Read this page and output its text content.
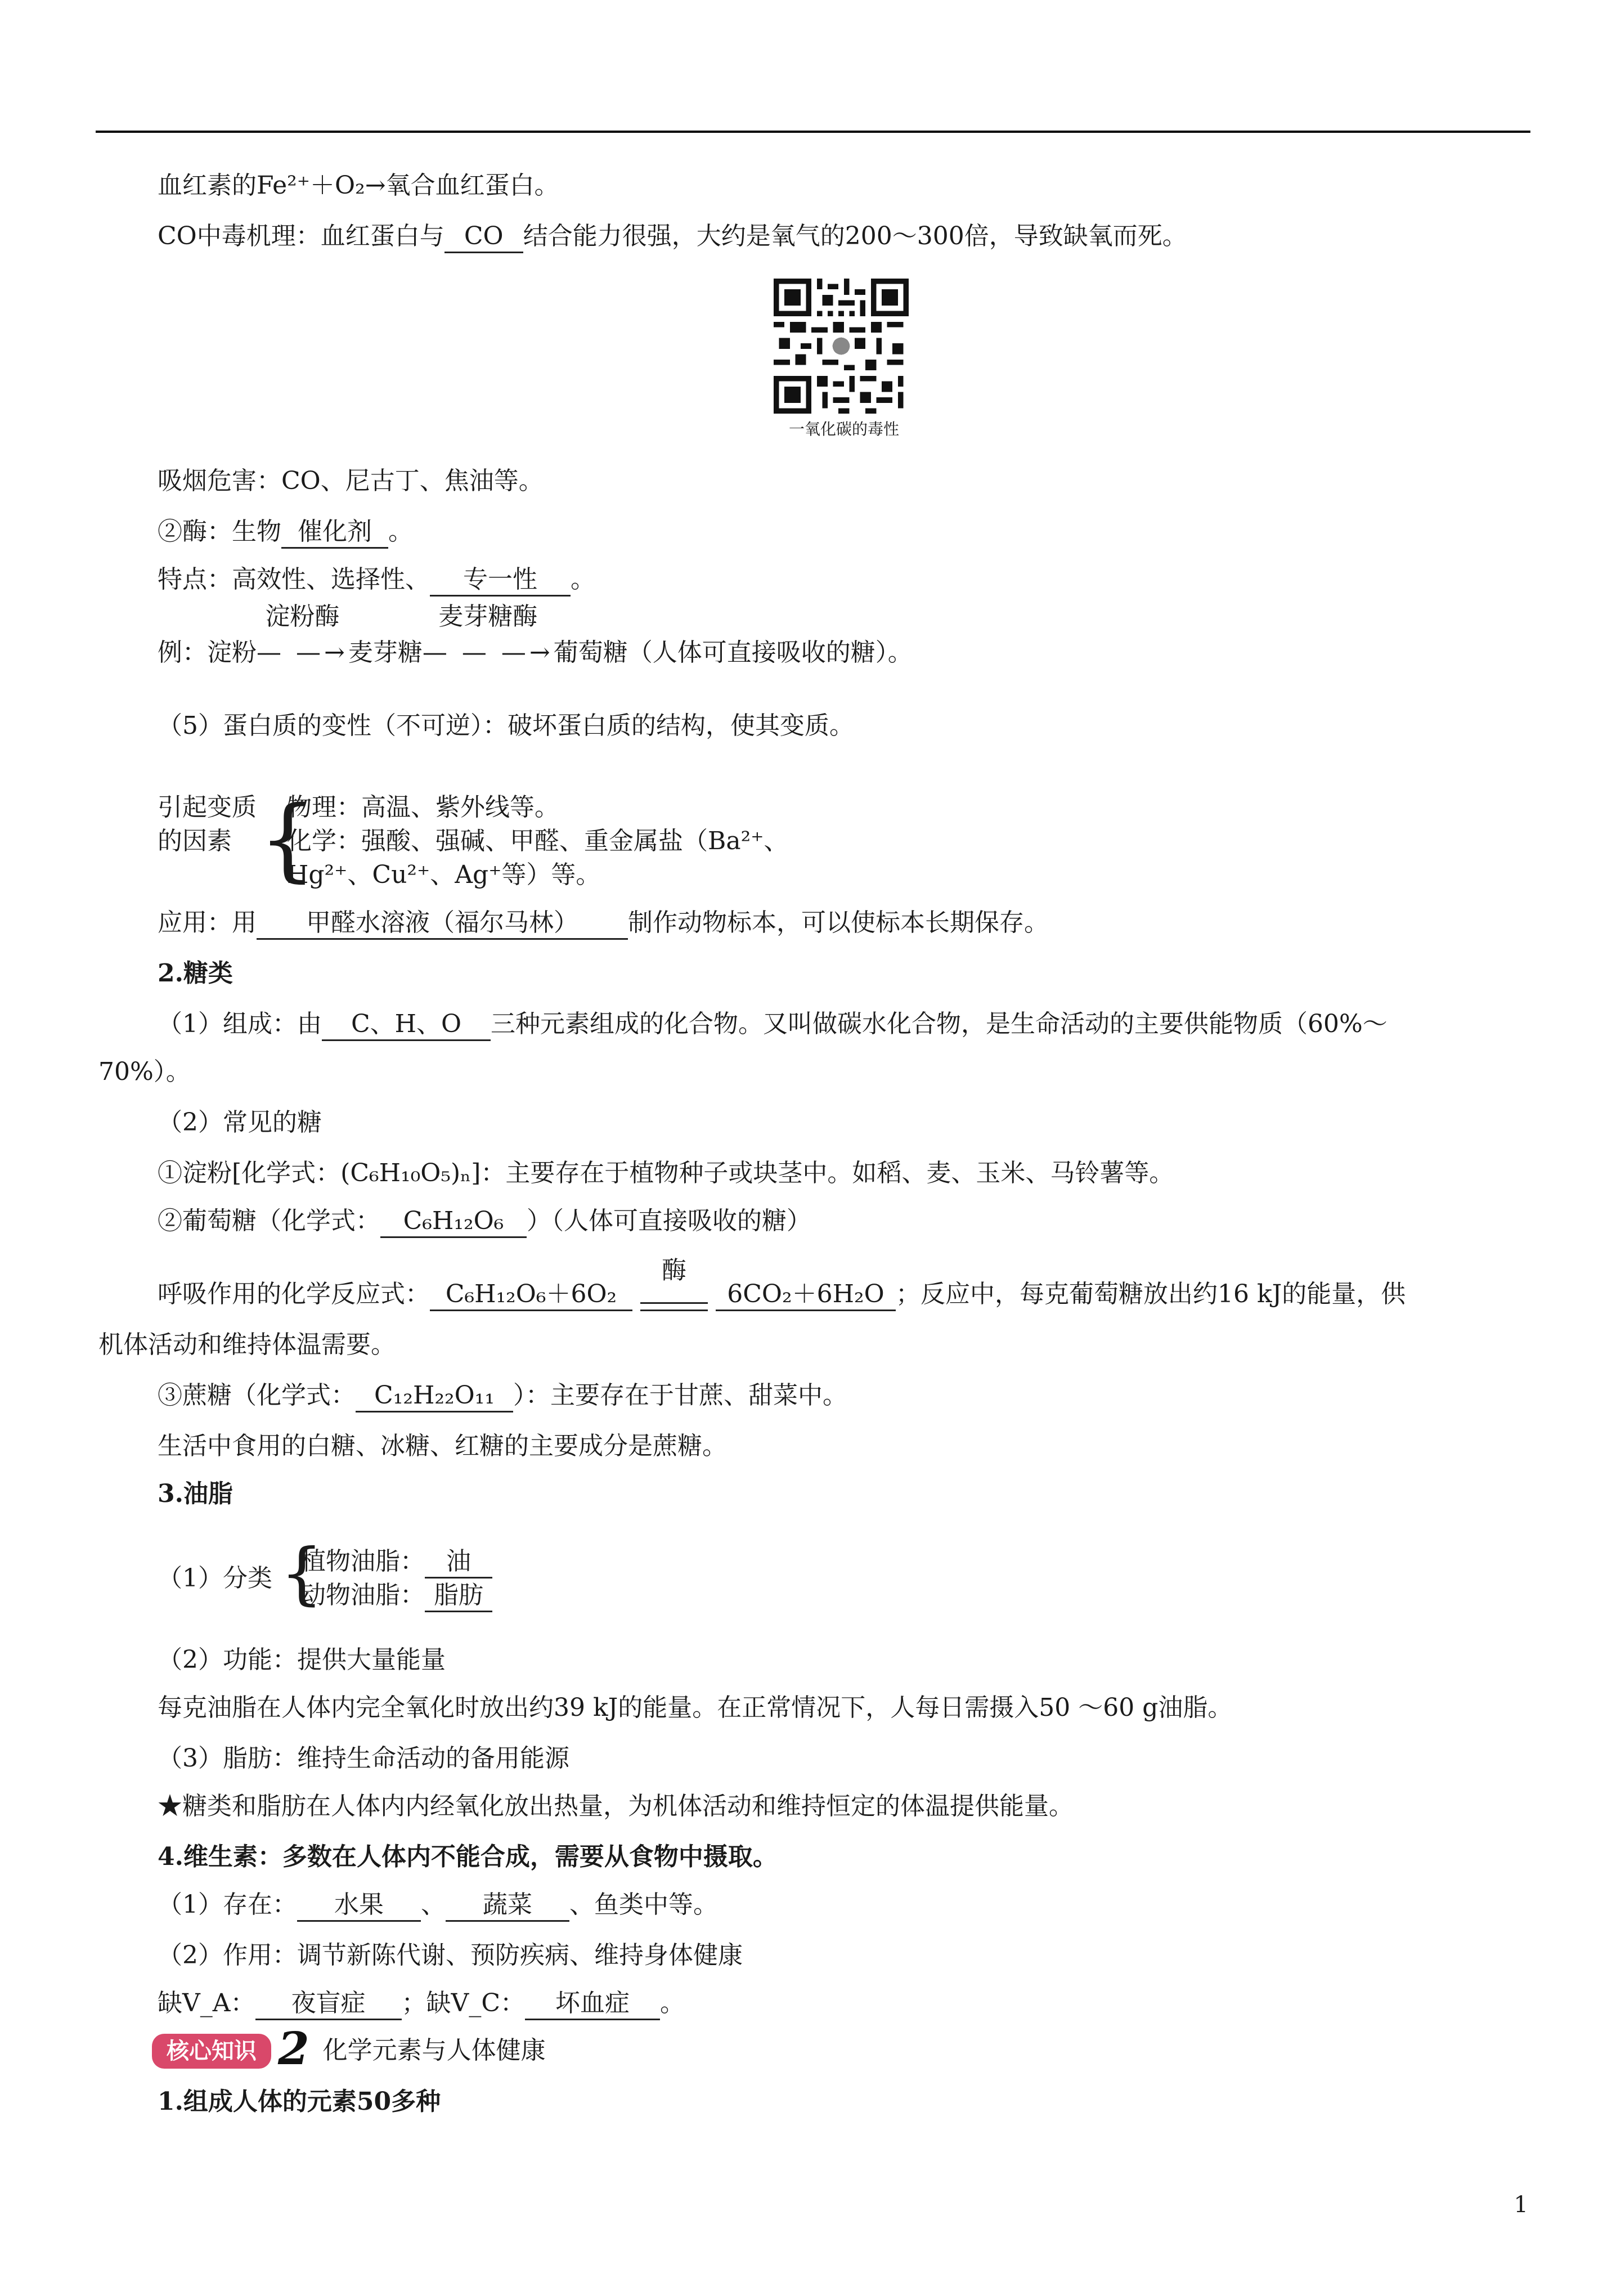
血红素的Fe²⁺＋O₂→氧合血红蛋白。
CO中毒机理：血红蛋白与 CO 结合能力很强，大约是氧气的200～300倍，导致缺氧而死。
一氧化碳的毒性
吸烟危害：CO、尼古丁、焦油等。
②酶：生物 催化剂 。
特点：高效性、选择性、 专一性 。
例：淀粉
淀粉酶
— —→麦芽糖
麦芽糖酶
— — —→葡萄糖（人体可直接吸收的糖）。
（5）蛋白质的变性（不可逆）：破坏蛋白质的结构，使其变质。
引起变质的因素 {
物理：高温、紫外线等。
化学：强酸、强碱、甲醛、重金属盐（Ba²⁺、
Hg²⁺、Cu²⁺、Ag⁺等）等。
应用：用 甲醛水溶液（福尔马林） 制作动物标本，可以使标本长期保存。
2.糖类
（1）组成：由 C、H、O 三种元素组成的化合物。又叫做碳水化合物，是生命活动的主要供能物质（60%～
70%）。
（2）常见的糖
①淀粉[化学式：(C₆H₁₀O₅)ₙ]：主要存在于植物种子或块茎中。如稻、麦、玉米、马铃薯等。
②葡萄糖（化学式： C₆H₁₂O₆ ）（人体可直接吸收的糖）
呼吸作用的化学反应式： C₆H₁₂O₆＋6O₂
酶
6CO₂＋6H₂O ；反应中，每克葡萄糖放出约16 kJ的能量，供
机体活动和维持体温需要。
③蔗糖（化学式： C₁₂H₂₂O₁₁ ）：主要存在于甘蔗、甜菜中。
生活中食用的白糖、冰糖、红糖的主要成分是蔗糖。
3.油脂
（1）分类 {
植物油脂： 油
动物油脂： 脂肪
（2）功能：提供大量能量
每克油脂在人体内完全氧化时放出约39 kJ的能量。在正常情况下，人每日需摄入50 ～60 g油脂。
（3）脂肪：维持生命活动的备用能源
★糖类和脂肪在人体内内经氧化放出热量，为机体活动和维持恒定的体温提供能量。
4.维生素：多数在人体内不能合成，需要从食物中摄取。
（1）存在： 水果 、 蔬菜 、鱼类中等。
（2）作用：调节新陈代谢、预防疾病、维持身体健康
缺V_A： 夜盲症 ；缺V_C： 坏血症 。
核心知识 2 化学元素与人体健康
1.组成人体的元素50多种
1
